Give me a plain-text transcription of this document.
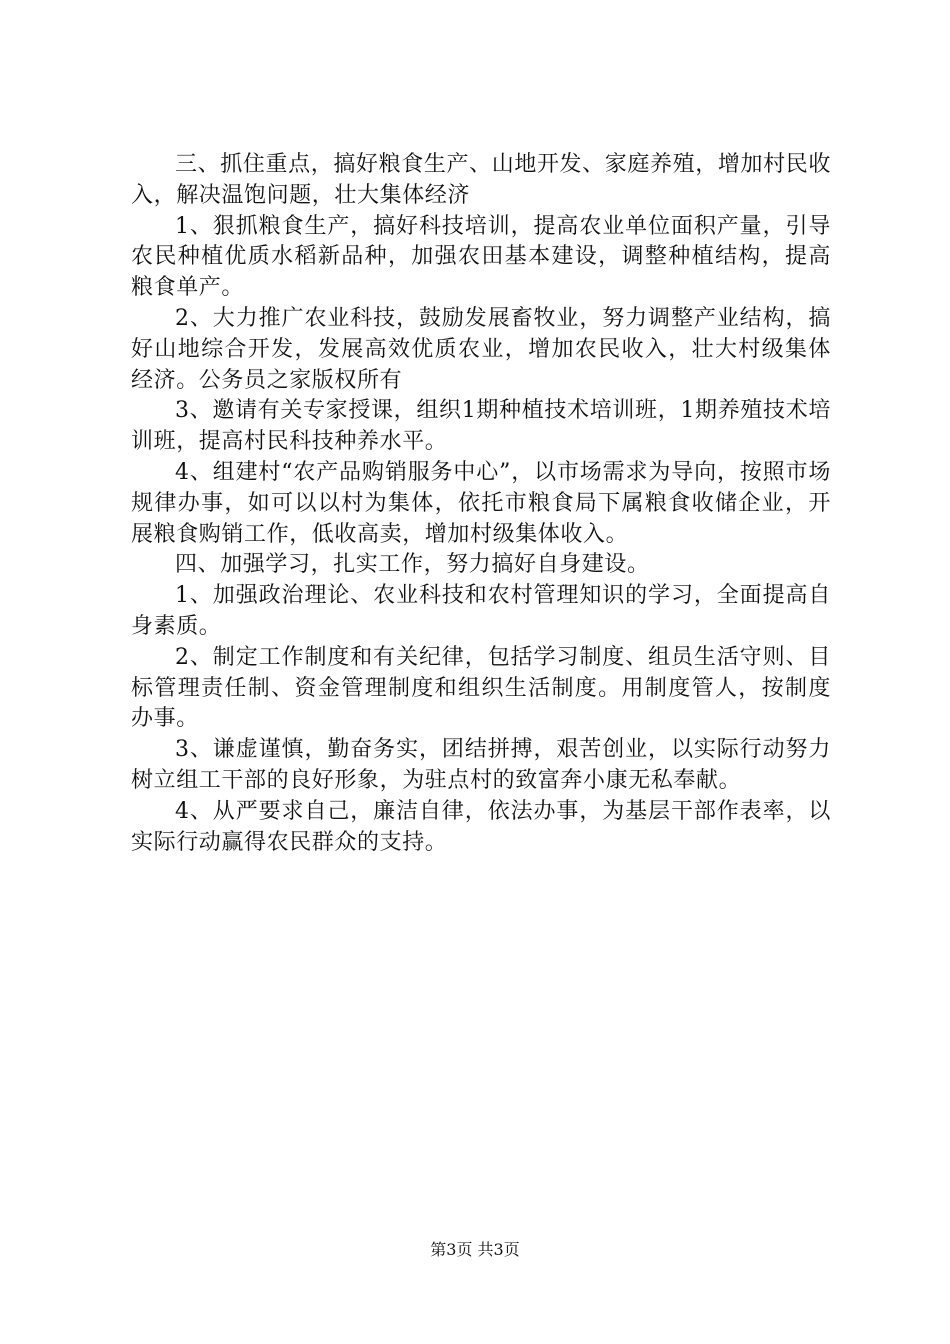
三、抓住重点，搞好粮食生产、山地开发、家庭养殖，增加村民收入，解决温饱问题，壮大集体经济

1、狠抓粮食生产，搞好科技培训，提高农业单位面积产量，引导农民种植优质水稻新品种，加强农田基本建设，调整种植结构，提高粮食单产。

2、大力推广农业科技，鼓励发展畜牧业，努力调整产业结构，搞好山地综合开发，发展高效优质农业，增加农民收入，壮大村级集体经济。公务员之家版权所有

3、邀请有关专家授课，组织1期种植技术培训班，1期养殖技术培训班，提高村民科技种养水平。

4、组建村“农产品购销服务中心”，以市场需求为导向，按照市场规律办事，如可以以村为集体，依托市粮食局下属粮食收储企业，开展粮食购销工作，低收高卖，增加村级集体收入。

四、加强学习，扎实工作，努力搞好自身建设。

1、加强政治理论、农业科技和农村管理知识的学习，全面提高自身素质。

2、制定工作制度和有关纪律，包括学习制度、组员生活守则、目标管理责任制、资金管理制度和组织生活制度。用制度管人，按制度办事。

3、谦虚谨慎，勤奋务实，团结拼搏，艰苦创业，以实际行动努力树立组工干部的良好形象，为驻点村的致富奔小康无私奉献。

4、从严要求自己，廉洁自律，依法办事，为基层干部作表率，以实际行动赢得农民群众的支持。

第3页 共3页
